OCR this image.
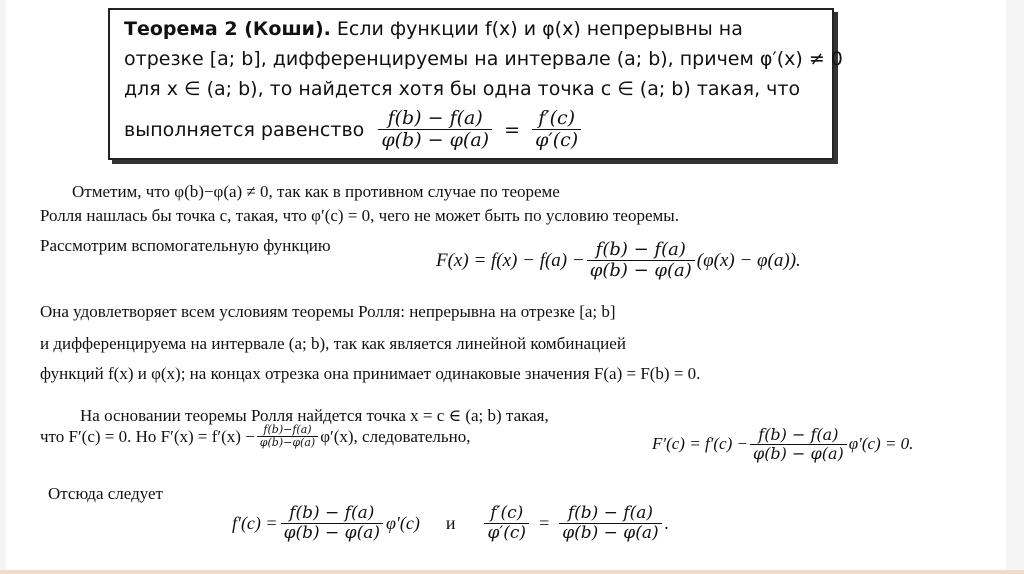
Теорема 2 (Коши). Если функции f(x) и φ(x) непрерывны на
отрезке [a; b], дифференцируемы на интервале (a; b), причем φ′(x) ≠ 0
для x ∈ (a; b), то найдется хотя бы одна точка c ∈ (a; b) такая, что
выполняется равенство $\frac{f(b) - f(a)}{\varphi(b) - \varphi(a)} = \frac{f'(c)}{\varphi'(c)}$
Отметим, что φ(b)−φ(a) ≠ 0, так как в противном случае по теореме
Ролля нашлась бы точка c, такая, что φ′(c) = 0, чего не может быть по условию теоремы.
Рассмотрим вспомогательную функцию
$F(x) = f(x) - f(a) - \frac{f(b) - f(a)}{\varphi(b) - \varphi(a)} (\varphi(x) - \varphi(a))$.
Она удовлетворяет всем условиям теоремы Ролля: непрерывна на отрезке [a; b]
и дифференцируема на интервале (a; b), так как является линейной комбинацией
функций f(x) и φ(x); на концах отрезка она принимает одинаковые значения F(a) = F(b) = 0.
На основании теоремы Ролля найдется точка x = c ∈ (a; b) такая,
что F′(c) = 0. Но $F'(x) = f'(x) - \frac{f(b)-f(a)}{\varphi(b)-\varphi(a)} \varphi'(x)$, следовательно,	$F'(c) = f'(c) - \frac{f(b) - f(a)}{\varphi(b) - \varphi(a)} \varphi'(c) = 0$.
Отсюда следует
$f'(c) = \frac{f(b) - f(a)}{\varphi(b) - \varphi(a)} \varphi'(c)$ и $\frac{f'(c)}{\varphi'(c)} = \frac{f(b) - f(a)}{\varphi(b) - \varphi(a)}$ .
